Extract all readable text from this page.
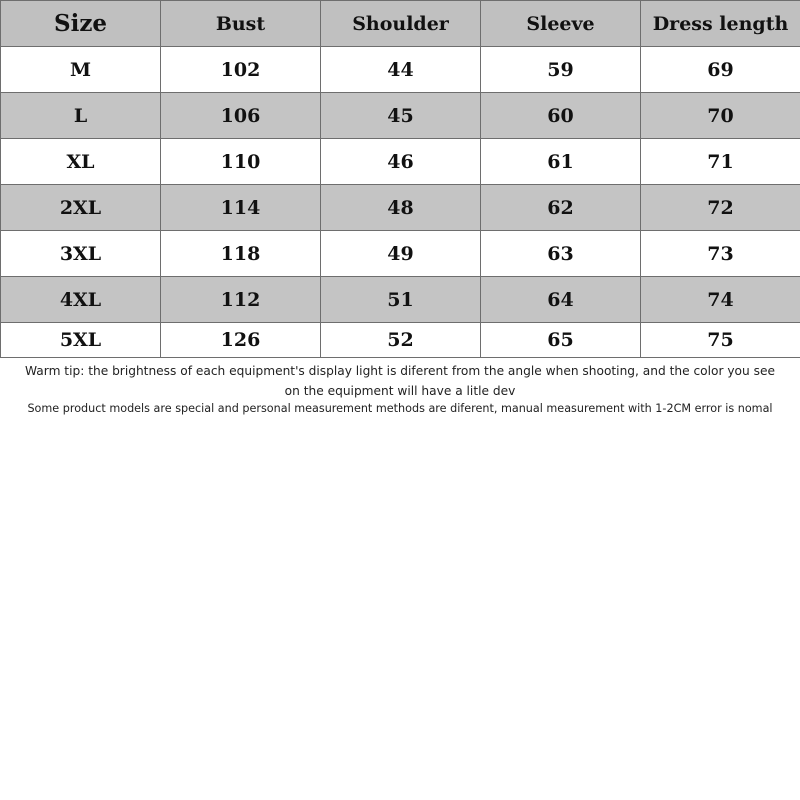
Size	Bust	Shoulder	Sleeve	Dress length
M	102	44	59	69
L	106	45	60	70
XL	110	46	61	71
2XL	114	48	62	72
3XL	118	49	63	73
4XL	112	51	64	74
5XL	126	52	65	75
Warm tip: the brightness of each equipment's display light is diferent from the angle when shooting, and the color you see on the equipment will have a litle dev
Some product models are special and personal measurement methods are diferent, manual measurement with 1-2CM error is nomal
